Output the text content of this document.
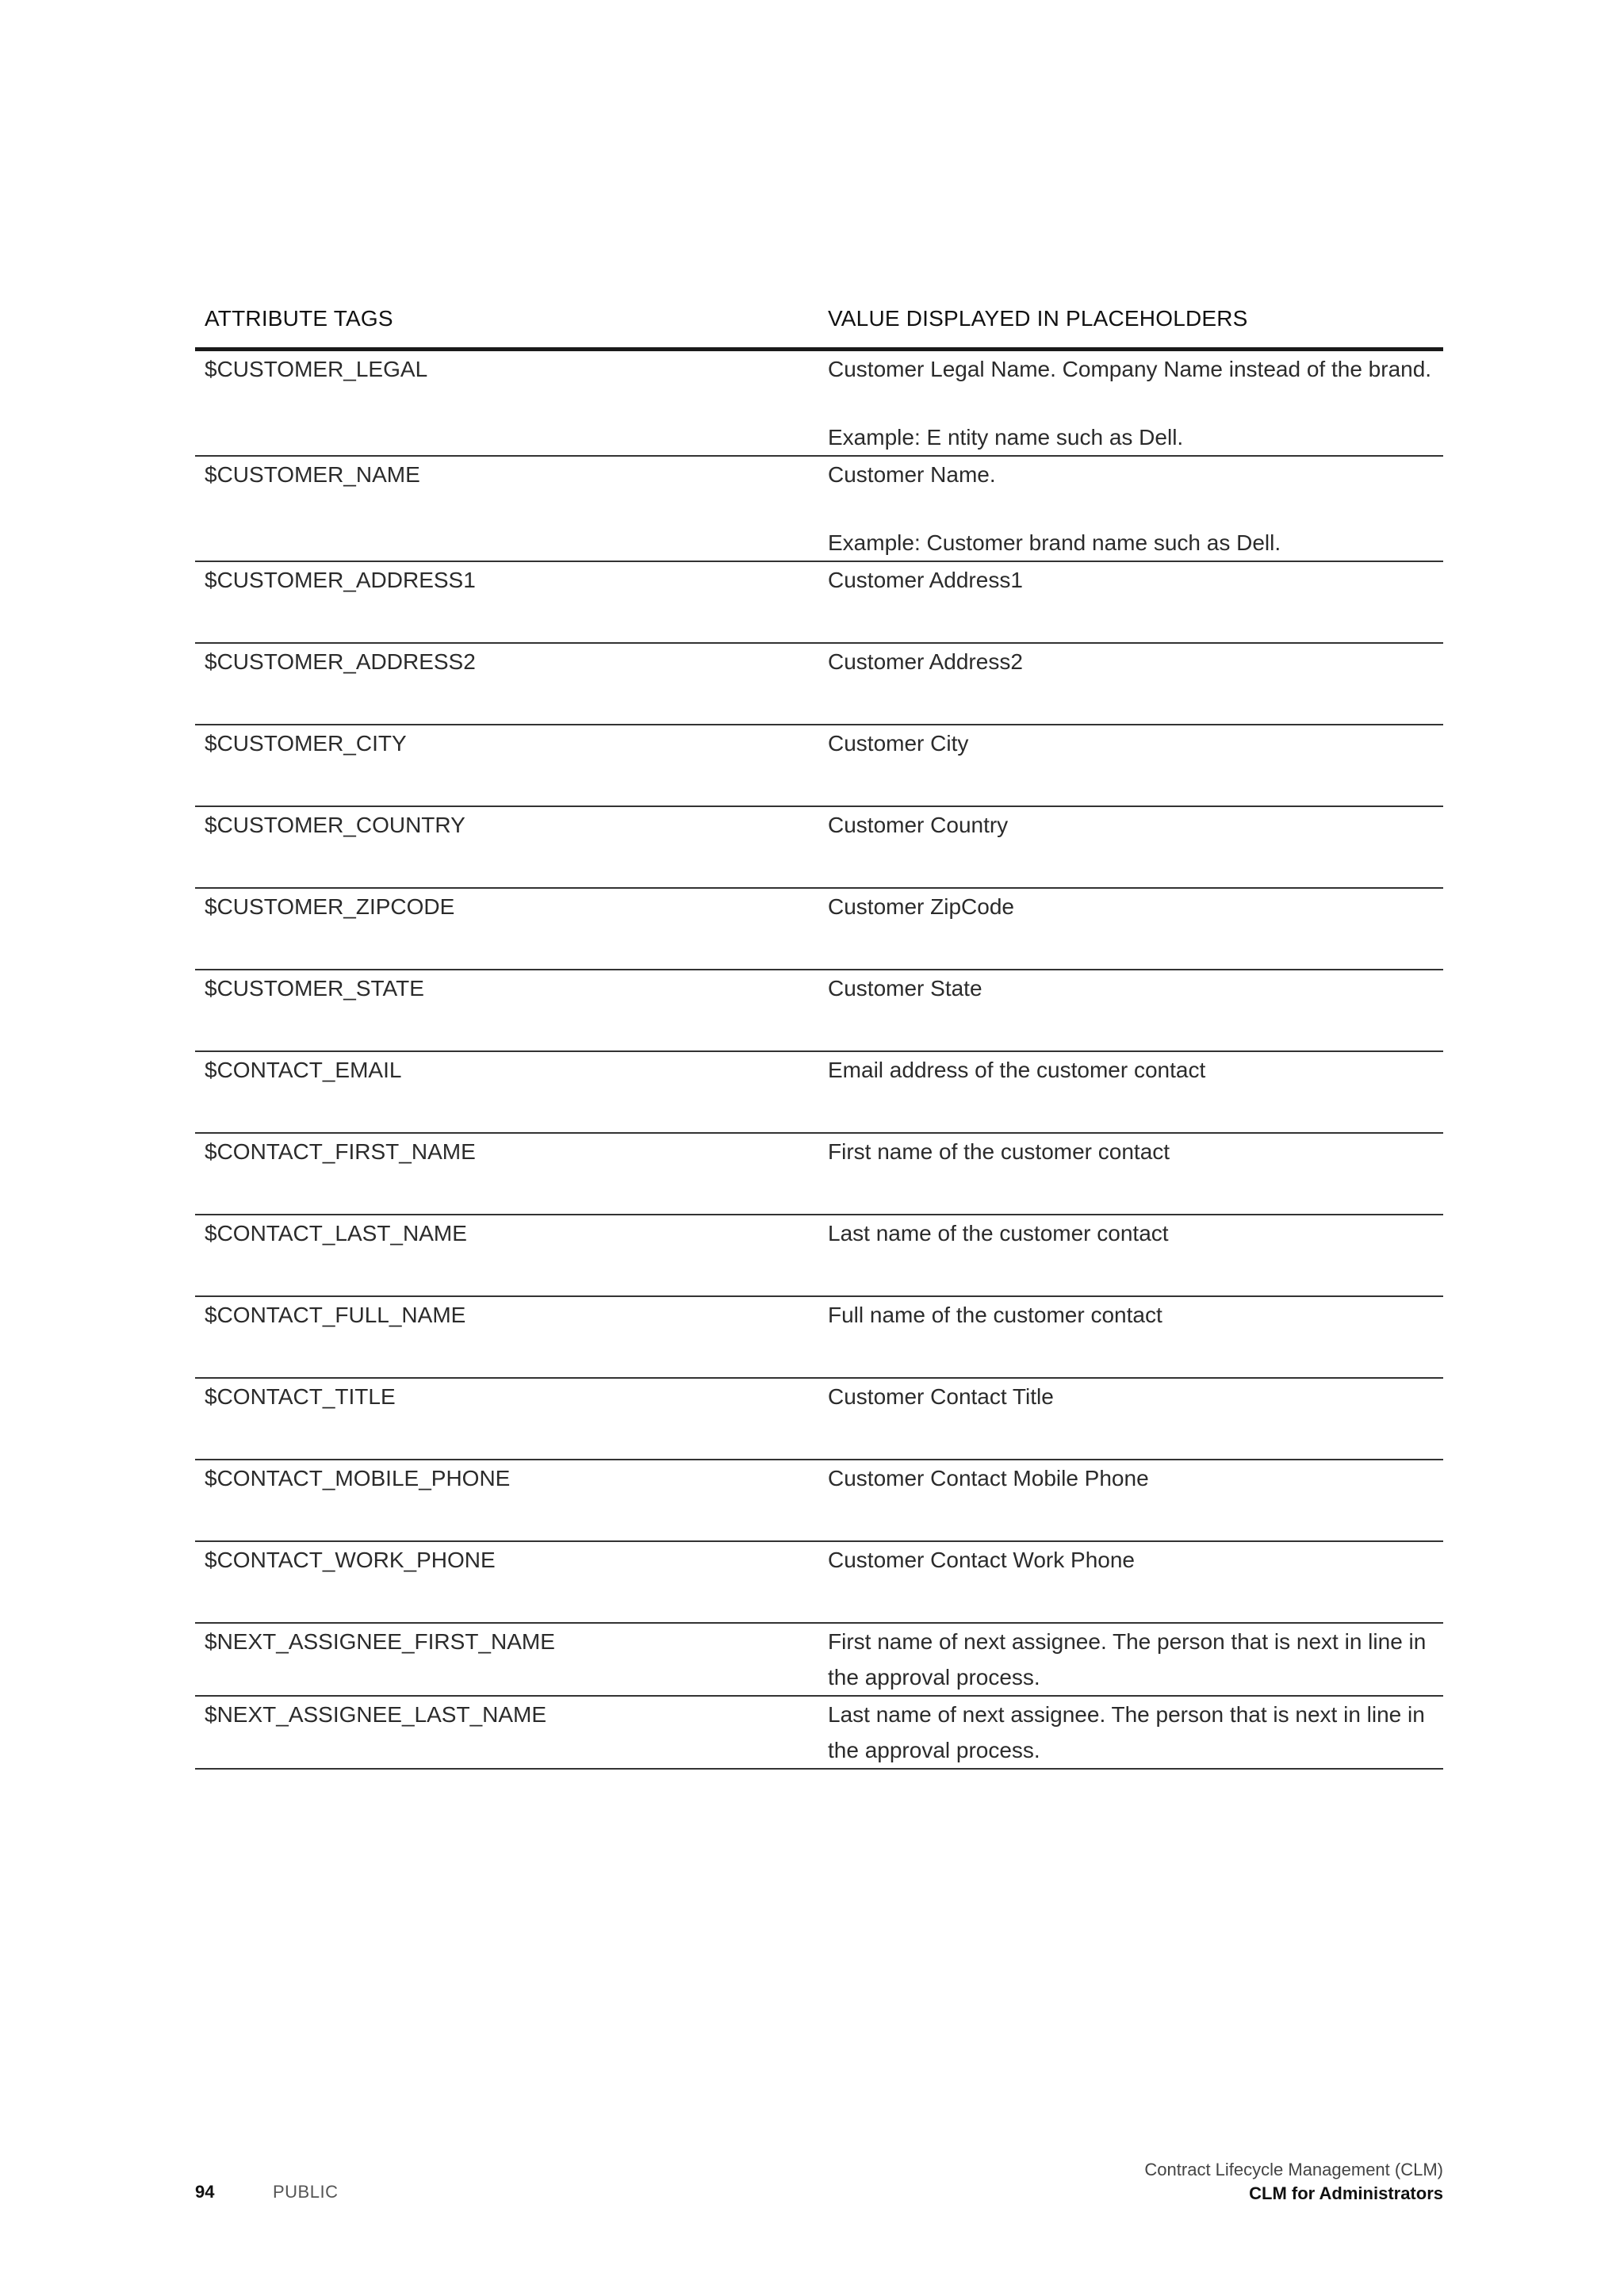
ATTRIBUTE TAGS	VALUE DISPLAYED IN PLACEHOLDERS
$CUSTOMER_LEGAL	Customer Legal Name. Company Name instead of the brand.

Example: E ntity name such as Dell.

$CUSTOMER_NAME	Customer Name.

Example: Customer brand name such as Dell.

$CUSTOMER_ADDRESS1	Customer Address1
$CUSTOMER_ADDRESS2	Customer Address2
$CUSTOMER_CITY	Customer City
$CUSTOMER_COUNTRY	Customer Country
$CUSTOMER_ZIPCODE	Customer ZipCode
$CUSTOMER_STATE	Customer State
$CONTACT_EMAIL	Email address of the customer contact
$CONTACT_FIRST_NAME	First name of the customer contact
$CONTACT_LAST_NAME	Last name of the customer contact
$CONTACT_FULL_NAME	Full name of the customer contact
$CONTACT_TITLE	Customer Contact Title
$CONTACT_MOBILE_PHONE	Customer Contact Mobile Phone
$CONTACT_WORK_PHONE	Customer Contact Work Phone
$NEXT_ASSIGNEE_FIRST_NAME	First name of next assignee. The person that is next in line in the approval process.
$NEXT_ASSIGNEE_LAST_NAME	Last name of next assignee. The person that is next in line in the approval process.
94	PUBLIC
Contract Lifecycle Management (CLM)
CLM for Administrators
